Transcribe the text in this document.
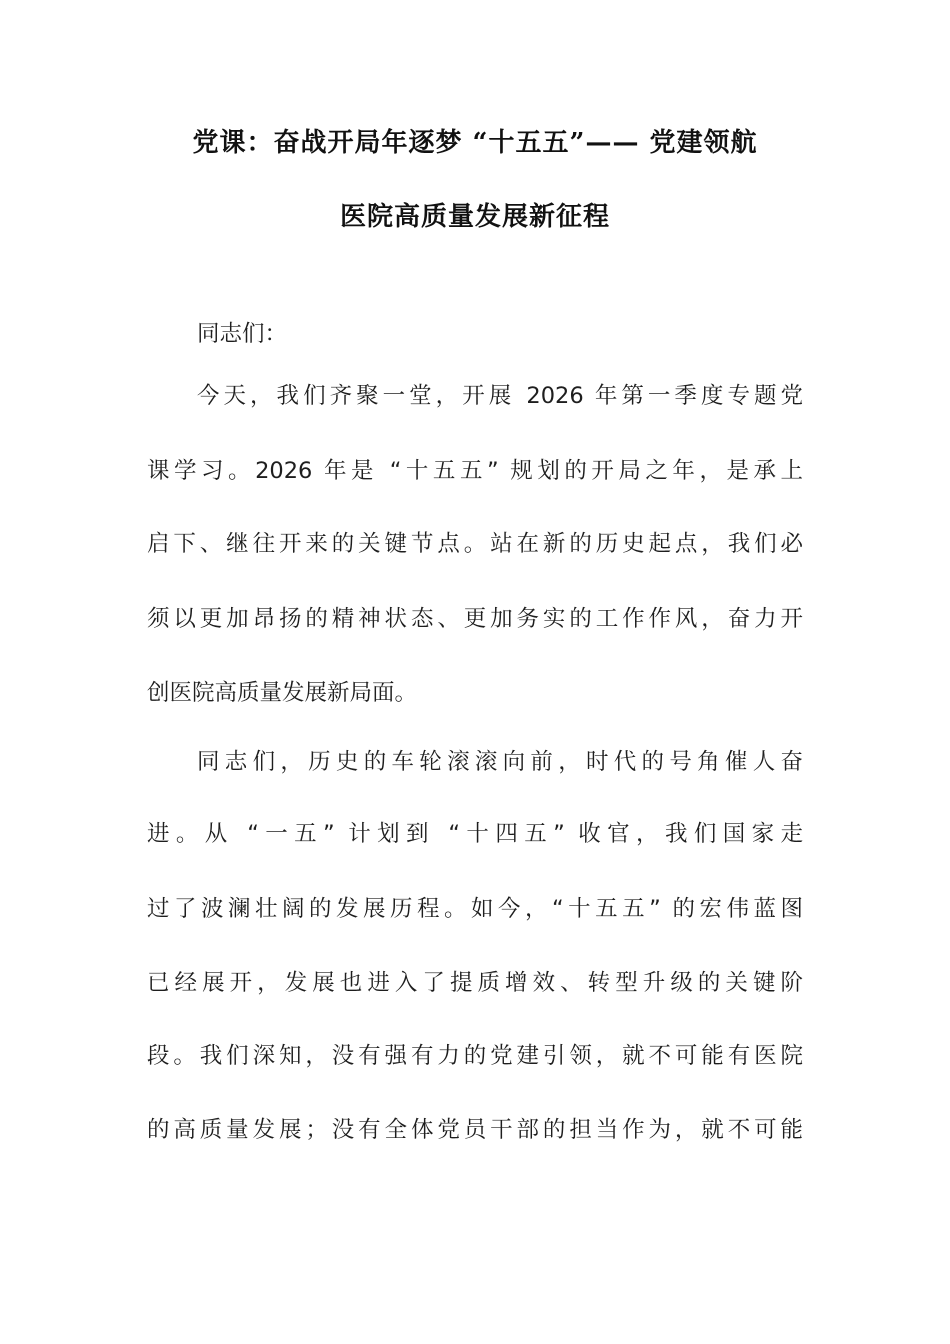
党课：奋战开局年逐梦 “十五五”—— 党建领航
医院高质量发展新征程
同志们：
今天，我们齐聚一堂，开展 2026 年第一季度专题党
课学习。2026 年是 “十五五” 规划的开局之年，是承上
启下、继往开来的关键节点。站在新的历史起点，我们必
须以更加昂扬的精神状态、更加务实的工作作风，奋力开
创医院高质量发展新局面。
同志们，历史的车轮滚滚向前，时代的号角催人奋
进。从 “一五” 计划到 “十四五” 收官，我们国家走
过了波澜壮阔的发展历程。如今，“十五五” 的宏伟蓝图
已经展开，发展也进入了提质增效、转型升级的关键阶
段。我们深知，没有强有力的党建引领，就不可能有医院
的高质量发展；没有全体党员干部的担当作为，就不可能
